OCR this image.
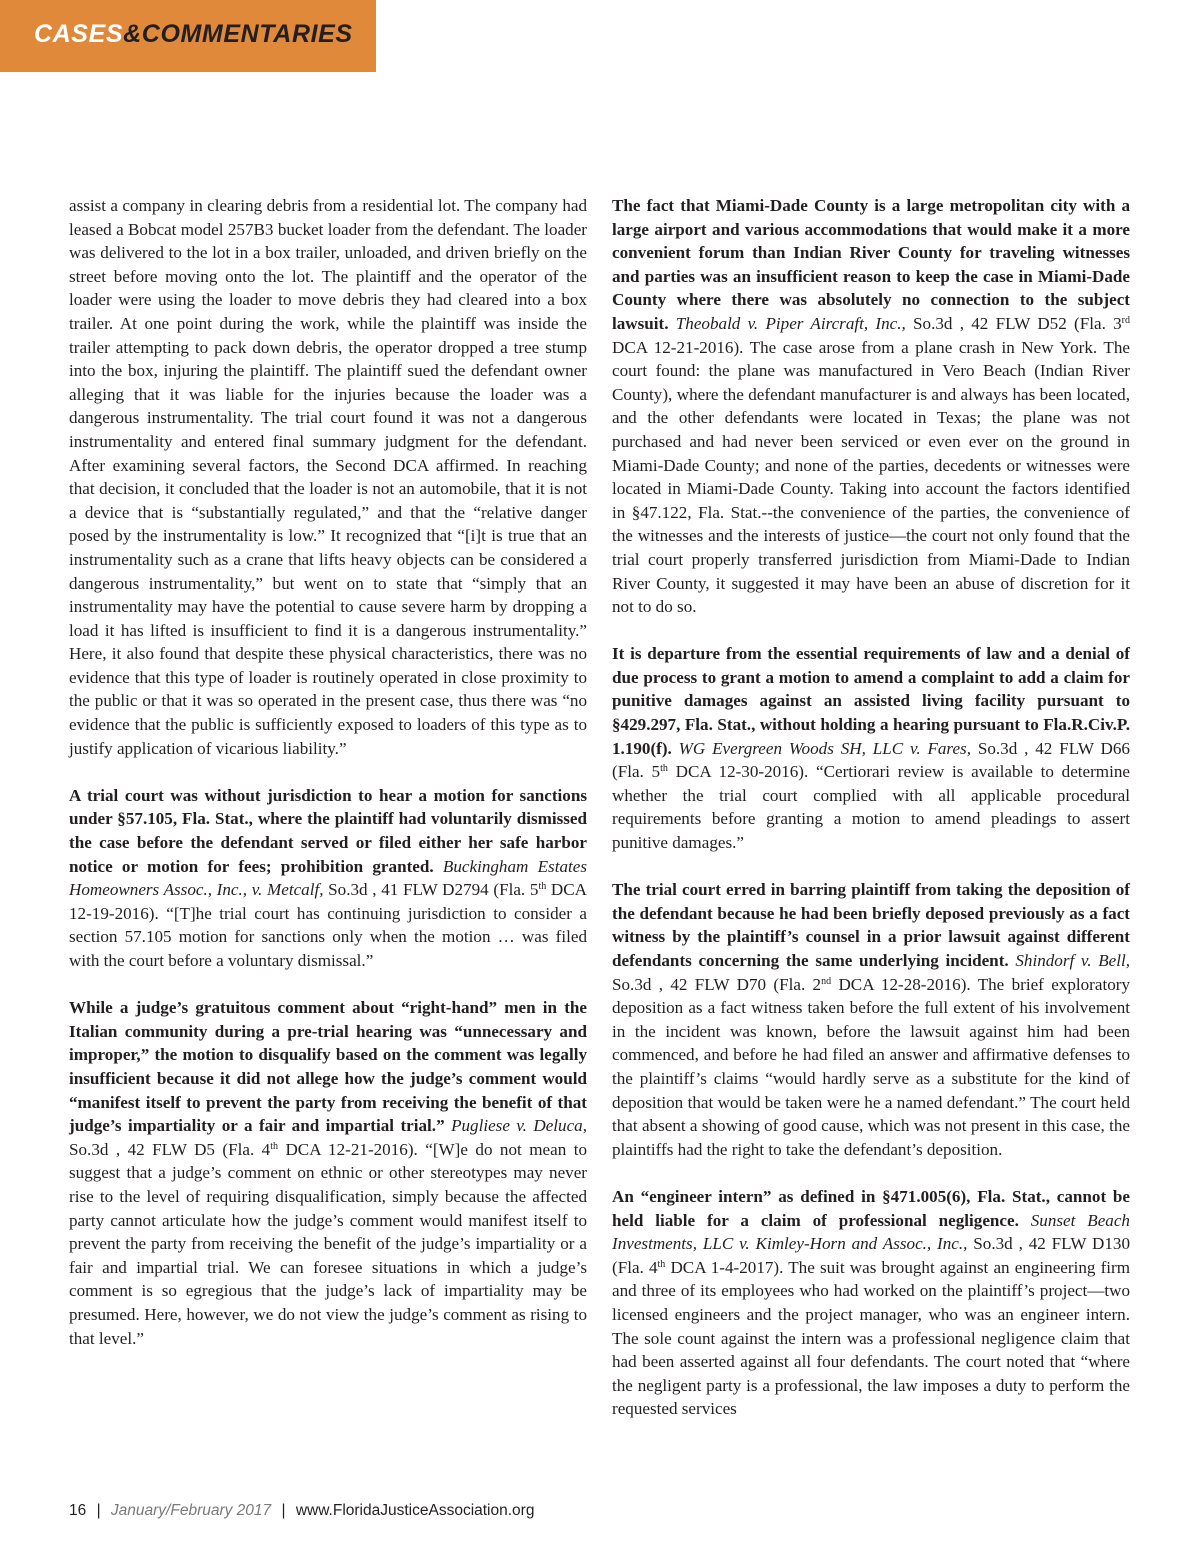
CASES&COMMENTARIES

assist a company in clearing debris from a residential lot. The company had leased a Bobcat model 257B3 bucket loader from the defendant. The loader was delivered to the lot in a box trailer, unloaded, and driven briefly on the street before moving onto the lot. The plaintiff and the operator of the loader were using the loader to move debris they had cleared into a box trailer. At one point during the work, while the plaintiff was inside the trailer attempting to pack down debris, the operator dropped a tree stump into the box, injuring the plaintiff. The plaintiff sued the defendant owner alleging that it was liable for the injuries because the loader was a dangerous instrumentality. The trial court found it was not a dangerous instrumentality and entered final summary judgment for the defendant. After examining several factors, the Second DCA affirmed. In reaching that decision, it concluded that the loader is not an automobile, that it is not a device that is “substantially regulated,” and that the “relative danger posed by the instrumentality is low.” It recognized that “[i]t is true that an instrumentality such as a crane that lifts heavy objects can be considered a dangerous instrumentality,” but went on to state that “simply that an instrumentality may have the potential to cause severe harm by dropping a load it has lifted is insufficient to find it is a dangerous instrumentality.” Here, it also found that despite these physical characteristics, there was no evidence that this type of loader is routinely operated in close proximity to the public or that it was so operated in the present case, thus there was “no evidence that the public is sufficiently exposed to loaders of this type as to justify application of vicarious liability.”

A trial court was without jurisdiction to hear a motion for sanctions under §57.105, Fla. Stat., where the plaintiff had voluntarily dismissed the case before the defendant served or filed either her safe harbor notice or motion for fees; prohibition granted. Buckingham Estates Homeowners Assoc., Inc., v. Metcalf, So.3d , 41 FLW D2794 (Fla. 5th DCA 12-19-2016). “[T]he trial court has continuing jurisdiction to consider a section 57.105 motion for sanctions only when the motion … was filed with the court before a voluntary dismissal.”

While a judge’s gratuitous comment about “right-hand” men in the Italian community during a pre-trial hearing was “unnecessary and improper,” the motion to disqualify based on the comment was legally insufficient because it did not allege how the judge’s comment would “manifest itself to prevent the party from receiving the benefit of that judge’s impartiality or a fair and impartial trial.” Pugliese v. Deluca, So.3d , 42 FLW D5 (Fla. 4th DCA 12-21-2016). “[W]e do not mean to suggest that a judge’s comment on ethnic or other stereotypes may never rise to the level of requiring disqualification, simply because the affected party cannot articulate how the judge’s comment would manifest itself to prevent the party from receiving the benefit of the judge’s impartiality or a fair and impartial trial. We can foresee situations in which a judge’s comment is so egregious that the judge’s lack of impartiality may be presumed. Here, however, we do not view the judge’s comment as rising to that level.”

The fact that Miami-Dade County is a large metropolitan city with a large airport and various accommodations that would make it a more convenient forum than Indian River County for traveling witnesses and parties was an insufficient reason to keep the case in Miami-Dade County where there was absolutely no connection to the subject lawsuit. Theobald v. Piper Aircraft, Inc., So.3d , 42 FLW D52 (Fla. 3rd DCA 12-21-2016). The case arose from a plane crash in New York. The court found: the plane was manufactured in Vero Beach (Indian River County), where the defendant manufacturer is and always has been located, and the other defendants were located in Texas; the plane was not purchased and had never been serviced or even ever on the ground in Miami-Dade County; and none of the parties, decedents or witnesses were located in Miami-Dade County. Taking into account the factors identified in §47.122, Fla. Stat.--the convenience of the parties, the convenience of the witnesses and the interests of justice—the court not only found that the trial court properly transferred jurisdiction from Miami-Dade to Indian River County, it suggested it may have been an abuse of discretion for it not to do so.

It is departure from the essential requirements of law and a denial of due process to grant a motion to amend a complaint to add a claim for punitive damages against an assisted living facility pursuant to §429.297, Fla. Stat., without holding a hearing pursuant to Fla.R.Civ.P. 1.190(f). WG Evergreen Woods SH, LLC v. Fares, So.3d , 42 FLW D66 (Fla. 5th DCA 12-30-2016). “Certiorari review is available to determine whether the trial court complied with all applicable procedural requirements before granting a motion to amend pleadings to assert punitive damages.”

The trial court erred in barring plaintiff from taking the deposition of the defendant because he had been briefly deposed previously as a fact witness by the plaintiff’s counsel in a prior lawsuit against different defendants concerning the same underlying incident. Shindorf v. Bell, So.3d , 42 FLW D70 (Fla. 2nd DCA 12-28-2016). The brief exploratory deposition as a fact witness taken before the full extent of his involvement in the incident was known, before the lawsuit against him had been commenced, and before he had filed an answer and affirmative defenses to the plaintiff’s claims “would hardly serve as a substitute for the kind of deposition that would be taken were he a named defendant.” The court held that absent a showing of good cause, which was not present in this case, the plaintiffs had the right to take the defendant’s deposition.

An “engineer intern” as defined in §471.005(6), Fla. Stat., cannot be held liable for a claim of professional negligence. Sunset Beach Investments, LLC v. Kimley-Horn and Assoc., Inc., So.3d , 42 FLW D130 (Fla. 4th DCA 1-4-2017). The suit was brought against an engineering firm and three of its employees who had worked on the plaintiff’s project—two licensed engineers and the project manager, who was an engineer intern. The sole count against the intern was a professional negligence claim that had been asserted against all four defendants. The court noted that “where the negligent party is a professional, the law imposes a duty to perform the requested services

16 | January/February 2017 | www.FloridaJusticeAssociation.org
